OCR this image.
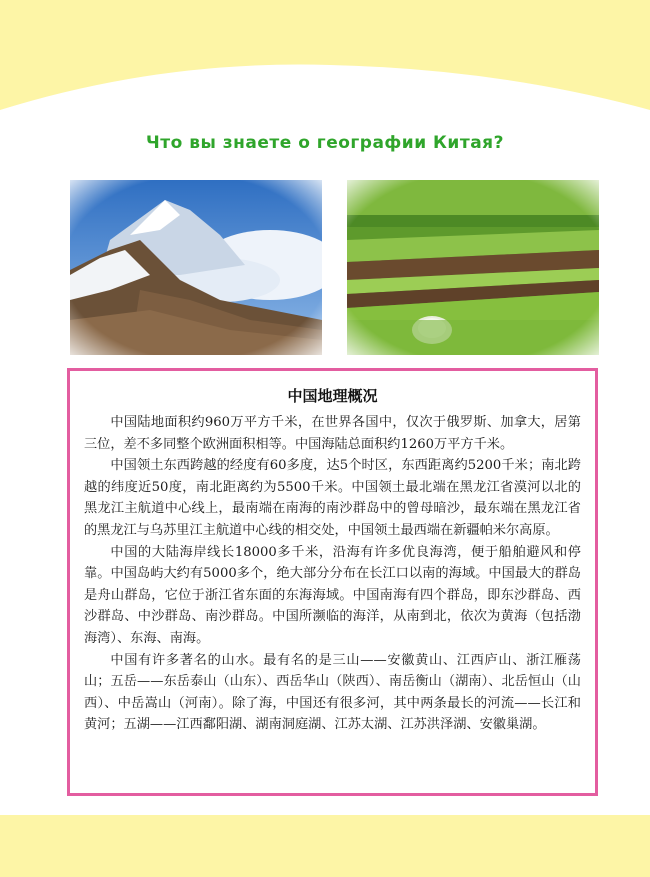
Что вы знаете о географии Китая?
中国地理概况

中国陆地面积约960万平方千米，在世界各国中，仅次于俄罗斯、加拿大，居第三位，差不多同整个欧洲面积相等。中国海陆总面积约1260万平方千米。

中国领土东西跨越的经度有60多度，达5个时区，东西距离约5200千米；南北跨越的纬度近50度，南北距离约为5500千米。中国领土最北端在黑龙江省漠河以北的黑龙江主航道中心线上，最南端在南海的南沙群岛中的曾母暗沙，最东端在黑龙江省的黑龙江与乌苏里江主航道中心线的相交处，中国领土最西端在新疆帕米尔高原。

中国的大陆海岸线长18000多千米，沿海有许多优良海湾，便于船舶避风和停靠。中国岛屿大约有5000多个，绝大部分分布在长江口以南的海域。中国最大的群岛是舟山群岛，它位于浙江省东面的东海海域。中国南海有四个群岛，即东沙群岛、西沙群岛、中沙群岛、南沙群岛。中国所濒临的海洋，从南到北，依次为黄海（包括渤海湾）、东海、南海。

中国有许多著名的山水。最有名的是三山——安徽黄山、江西庐山、浙江雁荡山；五岳——东岳泰山（山东）、西岳华山（陕西）、南岳衡山（湖南）、北岳恒山（山西）、中岳嵩山（河南）。除了海，中国还有很多河，其中两条最长的河流——长江和黄河；五湖——江西鄱阳湖、湖南洞庭湖、江苏太湖、江苏洪泽湖、安徽巢湖。
